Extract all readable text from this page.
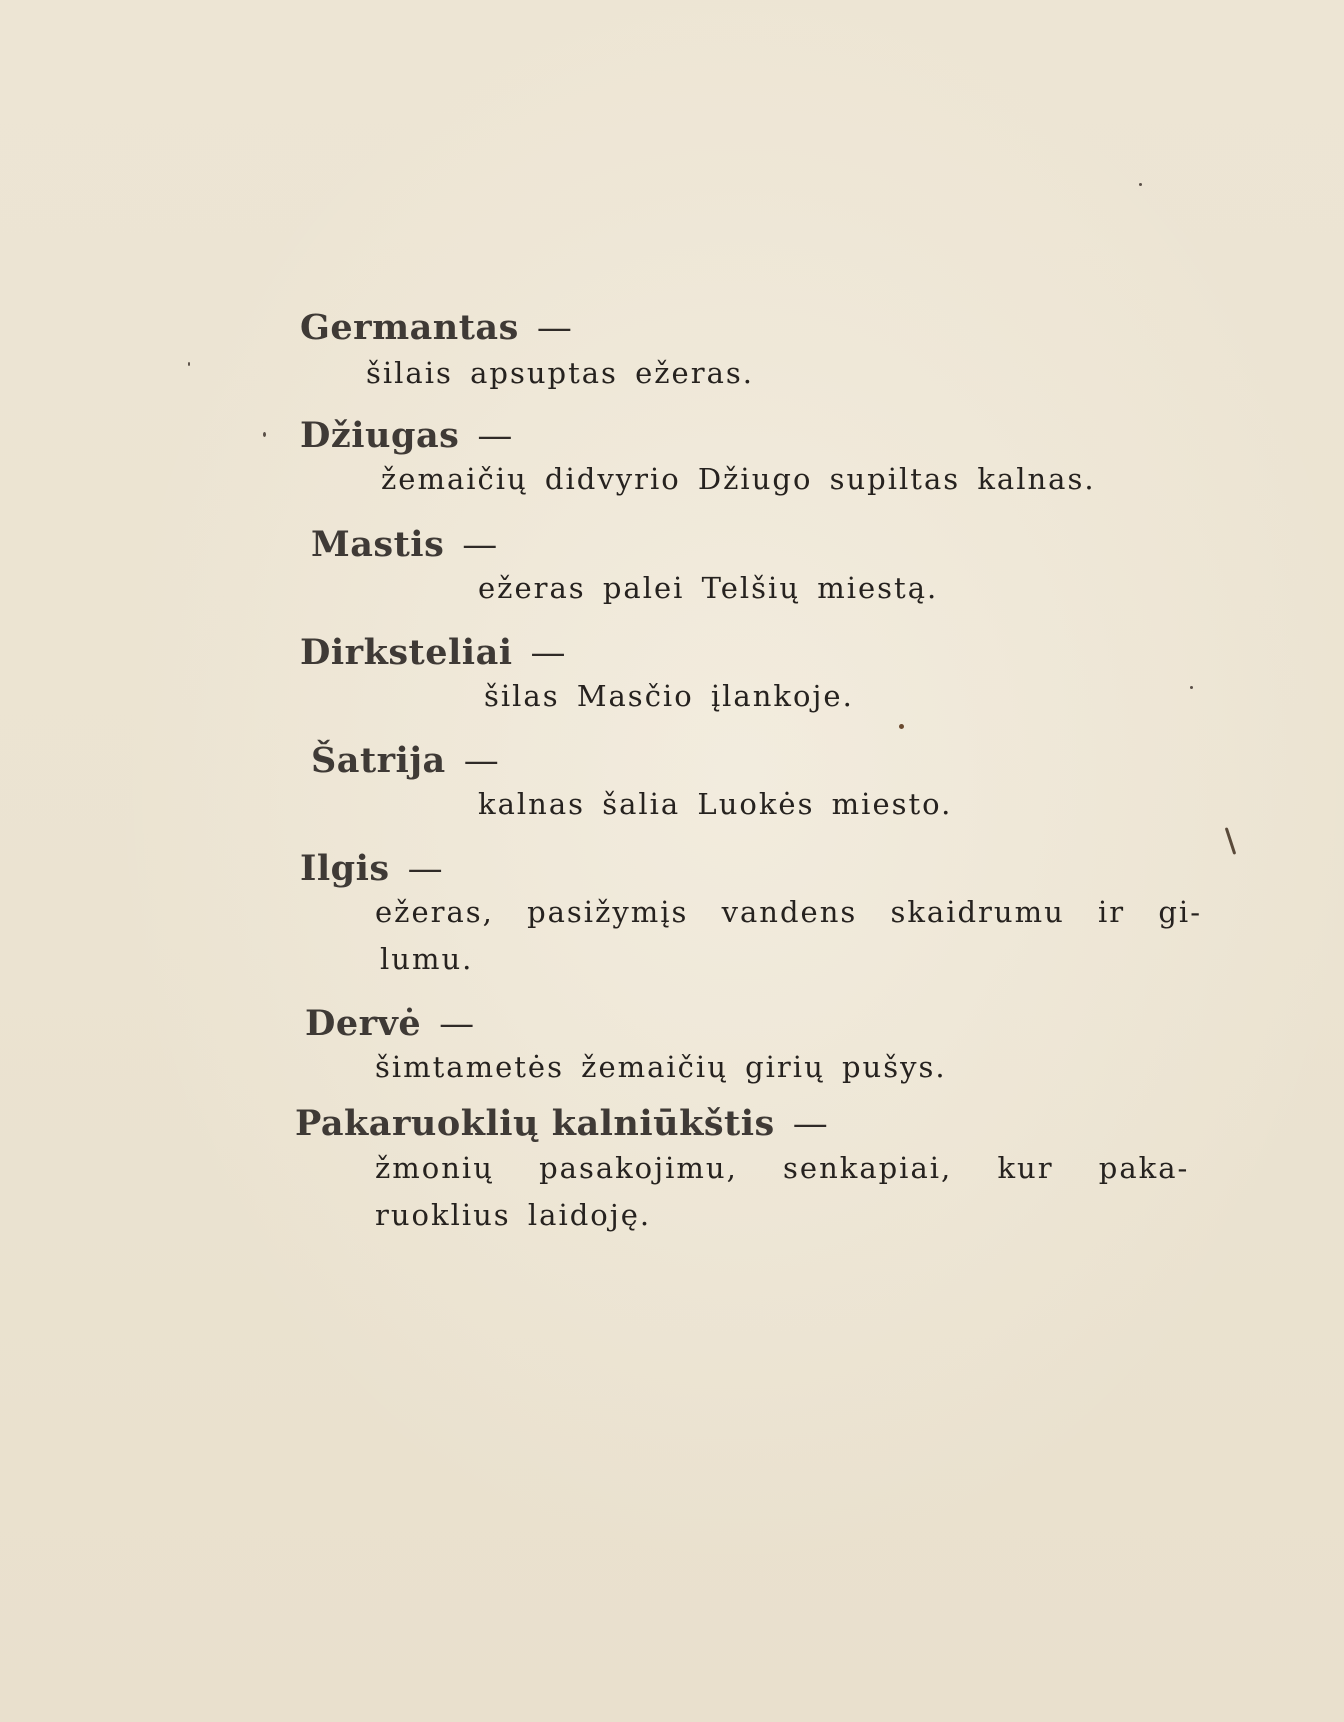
Germantas —
šilais apsuptas ežeras.
Džiugas —
žemaičių didvyrio Džiugo supiltas kalnas.
Mastis —
ežeras palei Telšių miestą.
Dirksteliai —
šilas Masčio įlankoje.
Šatrija —
kalnas šalia Luokės miesto.
Ilgis —
ežeras, pasižymįs vandens skaidrumu ir gi-
lumu.
Dervė —
šimtametės žemaičių girių pušys.
Pakaruoklių kalniūkštis —
žmonių pasakojimu, senkapiai, kur paka-
ruoklius laidoję.
